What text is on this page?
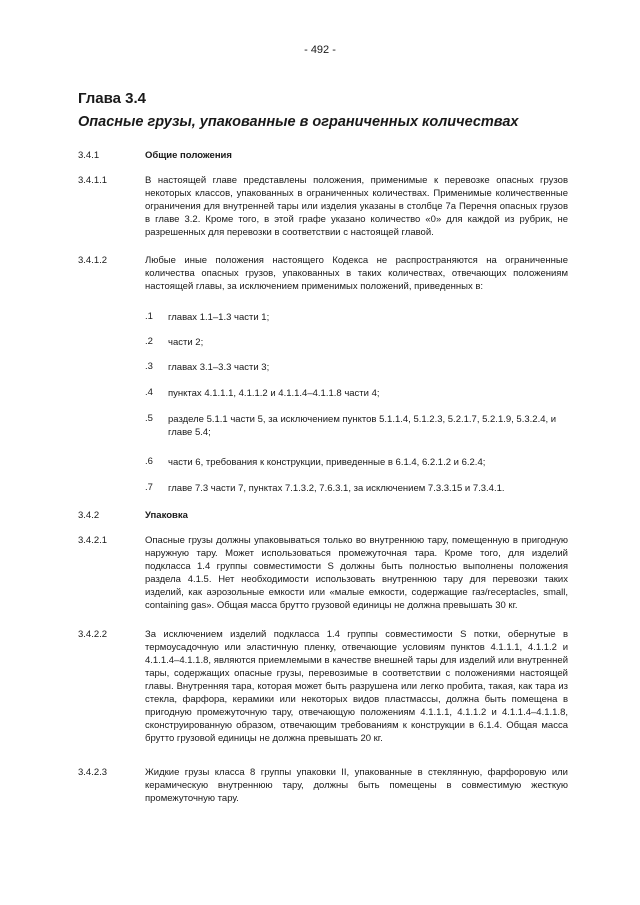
- 492 -
Глава 3.4
Опасные грузы, упакованные в ограниченных количествах
3.4.1	Общие положения
3.4.1.1	В настоящей главе представлены положения, применимые к перевозке опасных грузов некоторых классов, упакованных в ограниченных количествах. Применимые количественные ограничения для внутренней тары или изделия указаны в столбце 7a Перечня опасных грузов в главе 3.2. Кроме того, в этой графе указано количество «0» для каждой из рубрик, не разрешенных для перевозки в соответствии с настоящей главой.
3.4.1.2	Любые иные положения настоящего Кодекса не распространяются на ограниченные количества опасных грузов, упакованных в таких количествах, отвечающих положениям настоящей главы, за исключением применимых положений, приведенных в:
.1 главах 1.1–1.3 части 1;
.2 части 2;
.3 главах 3.1–3.3 части 3;
.4 пунктах 4.1.1.1, 4.1.1.2 и 4.1.1.4–4.1.1.8 части 4;
.5 разделе 5.1.1 части 5, за исключением пунктов 5.1.1.4, 5.1.2.3, 5.2.1.7, 5.2.1.9, 5.3.2.4, и главе 5.4;
.6 части 6, требования к конструкции, приведенные в 6.1.4, 6.2.1.2 и 6.2.4;
.7 главе 7.3 части 7, пунктах 7.1.3.2, 7.6.3.1, за исключением 7.3.3.15 и 7.3.4.1.
3.4.2	Упаковка
3.4.2.1	Опасные грузы должны упаковываться только во внутреннюю тару, помещенную в пригодную наружную тару. Может использоваться промежуточная тара. Кроме того, для изделий подкласса 1.4 группы совместимости S должны быть полностью выполнены положения раздела 4.1.5. Нет необходимости использовать внутреннюю тару для перевозки таких изделий, как аэрозольные емкости или «малые емкости, содержащие газ/receptacles, small, containing gas». Общая масса брутто грузовой единицы не должна превышать 30 кг.
3.4.2.2	За исключением изделий подкласса 1.4 группы совместимости S потки, обернутые в термоусадочную или эластичную пленку, отвечающие условиям пунктов 4.1.1.1, 4.1.1.2 и 4.1.1.4–4.1.1.8, являются приемлемыми в качестве внешней тары для изделий или внутренней тары, содержащих опасные грузы, перевозимые в соответствии с положениями настоящей главы. Внутренняя тара, которая может быть разрушена или легко пробита, такая, как тара из стекла, фарфора, керамики или некоторых видов пластмассы, должна быть помещена в пригодную промежуточную тару, отвечающую положениям 4.1.1.1, 4.1.1.2 и 4.1.1.4–4.1.1.8, сконструированную образом, отвечающим требованиям к конструкции в 6.1.4. Общая масса брутто грузовой единицы не должна превышать 20 кг.
3.4.2.3	Жидкие грузы класса 8 группы упаковки II, упакованные в стеклянную, фарфоровую или керамическую внутреннюю тару, должны быть помещены в совместимую жесткую промежуточную тару.
